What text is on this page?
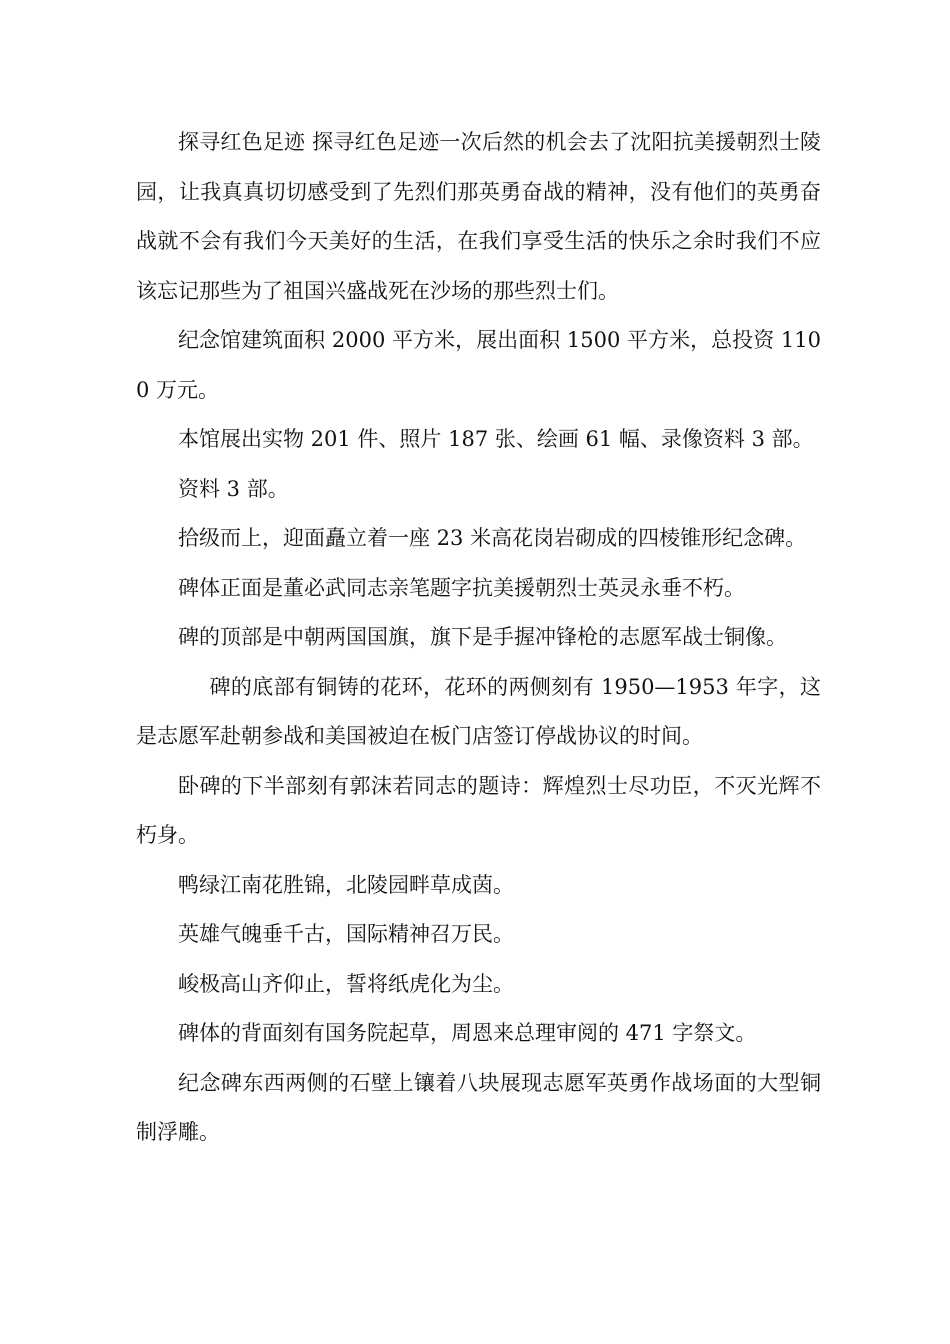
探寻红色足迹 探寻红色足迹一次后然的机会去了沈阳抗美援朝烈士陵园，让我真真切切感受到了先烈们那英勇奋战的精神，没有他们的英勇奋战就不会有我们今天美好的生活，在我们享受生活的快乐之余时我们不应该忘记那些为了祖国兴盛战死在沙场的那些烈士们。

纪念馆建筑面积 2000 平方米，展出面积 1500 平方米，总投资 1100 万元。

本馆展出实物 201 件、照片 187 张、绘画 61 幅、录像资料 3 部。

资料 3 部。

拾级而上，迎面矗立着一座 23 米高花岗岩砌成的四棱锥形纪念碑。

碑体正面是董必武同志亲笔题字抗美援朝烈士英灵永垂不朽。

碑的顶部是中朝两国国旗，旗下是手握冲锋枪的志愿军战士铜像。

碑的底部有铜铸的花环，花环的两侧刻有 1950—1953 年字，这是志愿军赴朝参战和美国被迫在板门店签订停战协议的时间。

卧碑的下半部刻有郭沫若同志的题诗：辉煌烈士尽功臣，不灭光辉不朽身。

鸭绿江南花胜锦，北陵园畔草成茵。

英雄气魄垂千古，国际精神召万民。

峻极高山齐仰止，誓将纸虎化为尘。

碑体的背面刻有国务院起草，周恩来总理审阅的 471 字祭文。

纪念碑东西两侧的石壁上镶着八块展现志愿军英勇作战场面的大型铜制浮雕。
